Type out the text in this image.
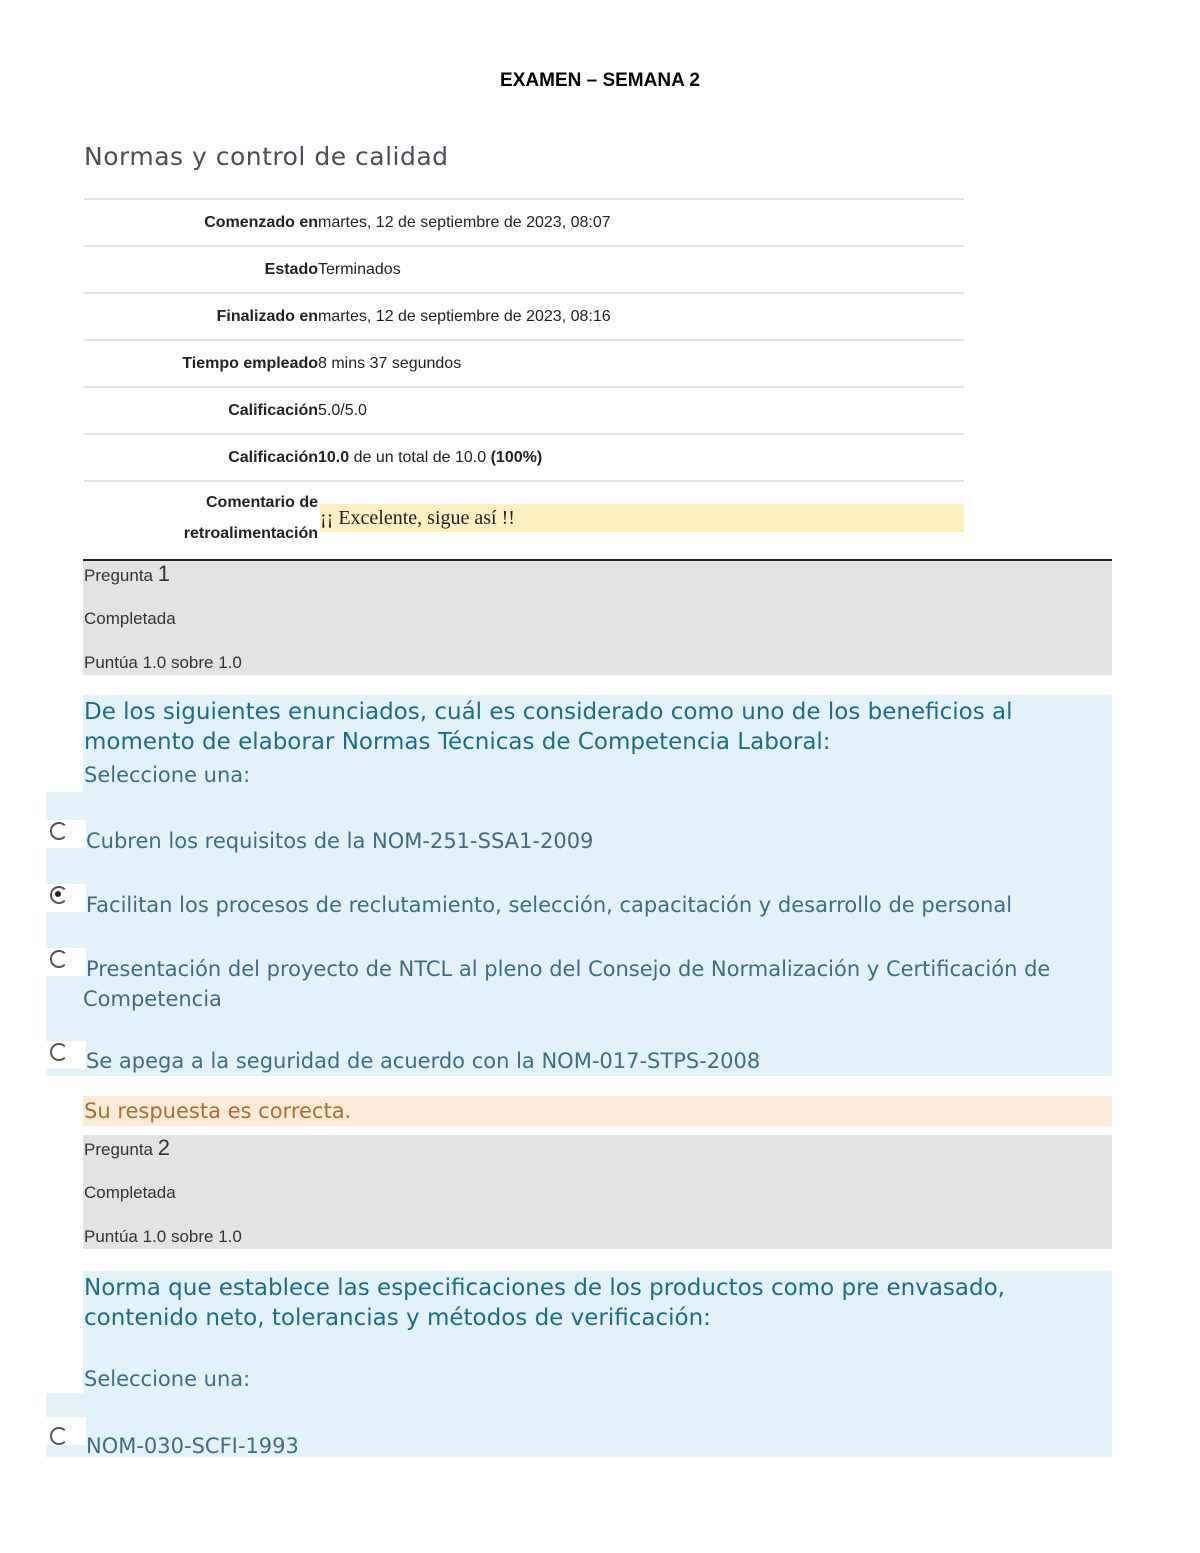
EXAMEN – SEMANA 2
Normas y control de calidad
Comenzado en martes, 12 de septiembre de 2023, 08:07
Estado Terminados
Finalizado en martes, 12 de septiembre de 2023, 08:16
Tiempo empleado 8 mins 37 segundos
Calificación 5.0/5.0
Calificación 10.0 de un total de 10.0 (100%)
Comentario de
retroalimentación
¡¡ Excelente, sigue así !!
Pregunta 1
Completada
Puntúa 1.0 sobre 1.0
De los siguientes enunciados, cuál es considerado como uno de los beneficios al momento de elaborar Normas Técnicas de Competencia Laboral:
Seleccione una:
Cubren los requisitos de la NOM-251-SSA1-2009
Facilitan los procesos de reclutamiento, selección, capacitación y desarrollo de personal
Presentación del proyecto de NTCL al pleno del Consejo de Normalización y Certificación de Competencia
Se apega a la seguridad de acuerdo con la NOM-017-STPS-2008
Su respuesta es correcta.
Pregunta 2
Completada
Puntúa 1.0 sobre 1.0
Norma que establece las especificaciones de los productos como pre envasado, contenido neto, tolerancias y métodos de verificación:
Seleccione una:
NOM-030-SCFI-1993
